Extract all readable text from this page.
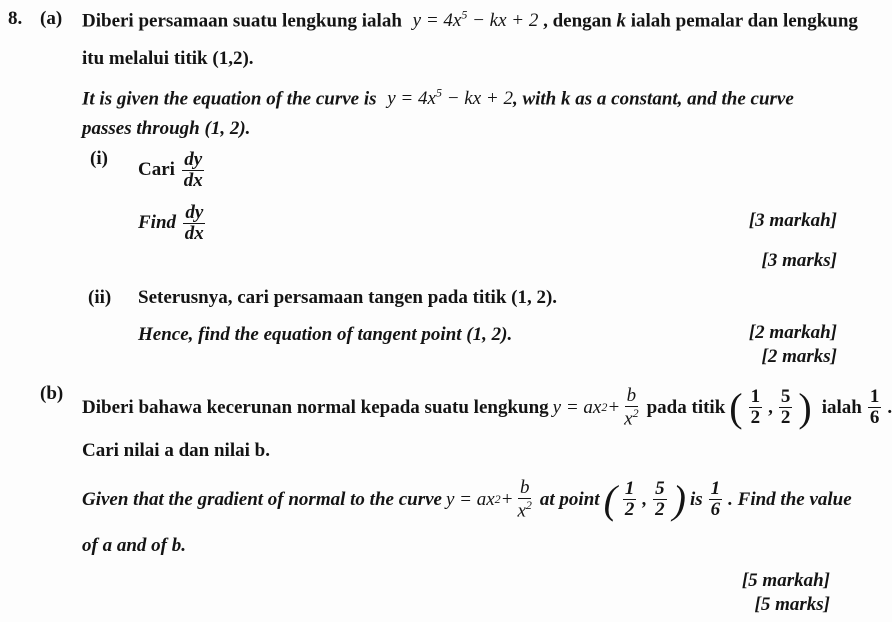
8. (a) Diberi persamaan suatu lengkung ialah $y = 4x^5$ − kx + 2 , dengan k ialah pemalar dan lengkung
itu melalui titik (1,2).
It is given the equation of the curve is $y = 4x^5$ − kx + 2, with k as a constant, and the curve
passes through (1, 2).
(i)
Cari $\frac{dy}{dx}$
Find $\frac{dy}{dx}$	[3 markah]
[3 marks]
(ii) Seterusnya, cari persamaan tangen pada titik (1, 2).
Hence, find the equation of tangent point (1, 2).	[2 markah]
[2 marks]
(b)
Diberi bahawa kecerunan normal kepada suatu lengkung y = ax $2 + \frac{b}{x^2}$ pada titik ( $\frac{1}{2}$ , $\frac{5}{2}$ ) ialah $\frac{1}{6}$ .
Cari nilai a dan nilai b.
Given that the gradient of normal to the curve y = ax $2 + \frac{b}{x^2}$ at point ( $\frac{1}{2}$ , $\frac{5}{2}$ ) is $\frac{1}{6}$ . Find the value
of a and of b.
[5 markah]
[5 marks]
